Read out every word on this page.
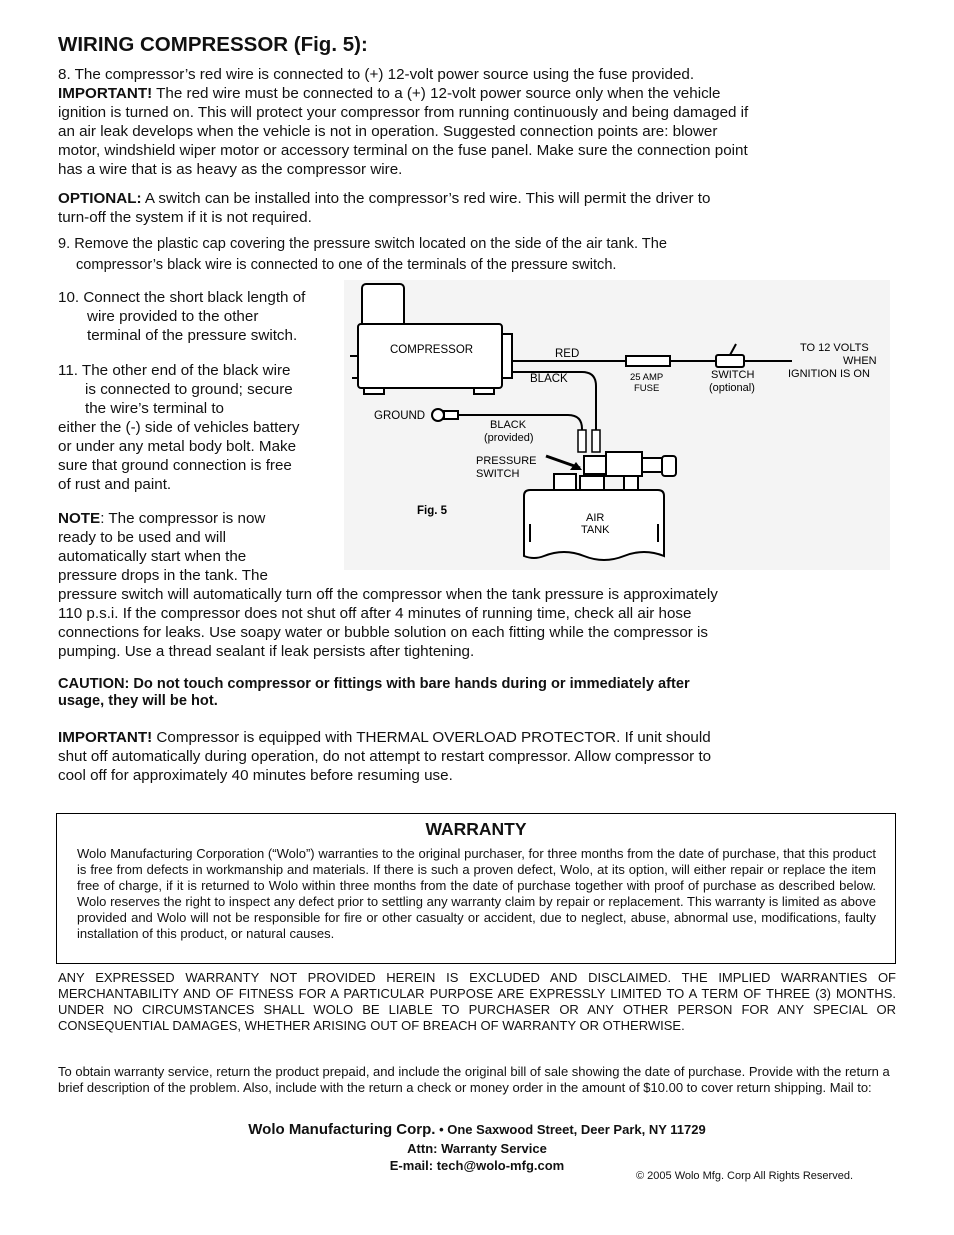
WIRING COMPRESSOR (Fig. 5):
8. The compressor’s red wire is connected to (+) 12-volt power source using the fuse provided.
IMPORTANT! The red wire must be connected to a (+) 12-volt power source only when the vehicle
ignition is turned on. This will protect your compressor from running continuously and being damaged if
an air leak develops when the vehicle is not in operation. Suggested connection points are: blower
motor, windshield wiper motor or accessory terminal on the fuse panel. Make sure the connection point
has a wire that is as heavy as the compressor wire.
OPTIONAL: A switch can be installed into the compressor’s red wire. This will permit the driver to
turn-off the system if it is not required.
9. Remove the plastic cap covering the pressure switch located on the side of the air tank. The
compressor’s black wire is connected to one of the terminals of the pressure switch.
10. Connect the short black length of
wire provided to the other
terminal of the pressure switch.
11. The other end of the black wire
is connected to ground; secure
the wire’s terminal to
either the (-) side of vehicles battery
or under any metal body bolt. Make
sure that ground connection is free
of rust and paint.
NOTE: The compressor is now
ready to be used and will
automatically start when the
pressure drops in the tank. The
pressure switch will automatically turn off the compressor when the tank pressure is approximately
110 p.s.i. If the compressor does not shut off after 4 minutes of running time, check all air hose
connections for leaks. Use soapy water or bubble solution on each fitting while the compressor is
pumping. Use a thread sealant if leak persists after tightening.
COMPRESSOR	RED
25 AMP
FUSE
SWITCH
(optional)
TO 12 VOLTS
WHEN
IGNITION IS ON
BLACK
GROUND
BLACK
(provided)
PRESSURE
SWITCH
AIR
TANK
Fig. 5
CAUTION: Do not touch compressor or fittings with bare hands during or immediately after
usage, they will be hot.
IMPORTANT! Compressor is equipped with THERMAL OVERLOAD PROTECTOR. If unit should
shut off automatically during operation, do not attempt to restart compressor. Allow compressor to
cool off for approximately 40 minutes before resuming use.
WARRANTY
Wolo Manufacturing Corporation (“Wolo”) warranties to the original purchaser, for three months from the date of purchase, that this product is free from defects in workmanship and materials. If there is such a proven defect, Wolo, at its option, will either repair or replace the item free of charge, if it is returned to Wolo within three months from the date of purchase together with proof of purchase as described below. Wolo reserves the right to inspect any defect prior to settling any warranty claim by repair or replacement. This warranty is limited as above provided and Wolo will not be responsible for fire or other casualty or accident, due to neglect, abuse, abnormal use, modifications, faulty installation of this product, or natural causes.
ANY EXPRESSED WARRANTY NOT PROVIDED HEREIN IS EXCLUDED AND DISCLAIMED. THE IMPLIED WARRANTIES OF MERCHANTABILITY AND OF FITNESS FOR A PARTICULAR PURPOSE ARE EXPRESSLY LIMITED TO A TERM OF THREE (3) MONTHS. UNDER NO CIRCUMSTANCES SHALL WOLO BE LIABLE TO PURCHASER OR ANY OTHER PERSON FOR ANY SPECIAL OR CONSEQUENTIAL DAMAGES, WHETHER ARISING OUT OF BREACH OF WARRANTY OR OTHERWISE.
To obtain warranty service, return the product prepaid, and include the original bill of sale showing the date of purchase. Provide with the return a brief description of the problem. Also, include with the return a check or money order in the amount of $10.00 to cover return shipping. Mail to:
Wolo Manufacturing Corp. • One Saxwood Street, Deer Park, NY 11729
Attn: Warranty Service
E-mail: tech@wolo-mfg.com
© 2005 Wolo Mfg. Corp All Rights Reserved.
